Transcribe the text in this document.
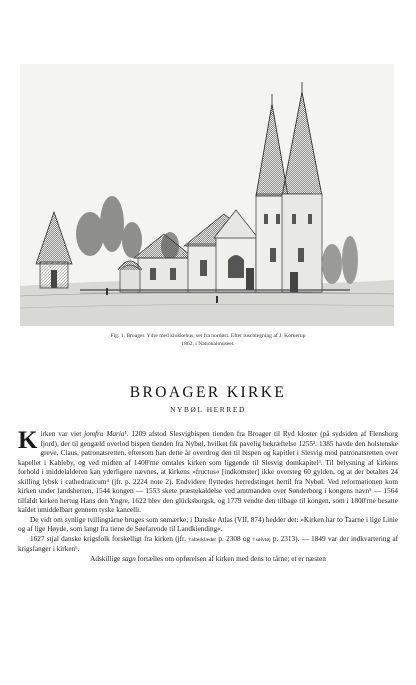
Fig. 1. Broager. Ydre med klokkehus, set fra nordøst. Efter tuschtegning af J. Kornerup
1862, i Nationalmuseet.
BROAGER KIRKE
NYBØL HERRED

Kirken var viet jomfru Maria¹. 1209 afstod Slesvigbispen tienden fra Broager til Ryd kloster (på sydsiden af Flensborg fjord), der til gengæld overlod bispen tienden fra Nybøl, hvilket fik pavelig bekræftelse 1255². 1385 havde den holstenske greve, Claus, patronatsretten, eftersom han dette år overdrog den til bispen og kapitlet i Slesvig mod patronatsretten over kapellet i Kahleby, og ved midten af 1400'rne omtales kirken som liggende til Slesvig domkapitel³. Til belysning af kirkens forhold i middelalderen kan yderligere nævnes, at kirkens »fructus« [indkomster] ikke oversteg 60 gylden, og at der betaltes 24 skilling lybsk i cathedraticum⁴ (jfr. p. 2224 note 2). Endvidere flyttedes herredstinget hertil fra Nybøl. Ved reformationen kom kirken under landsherren, 1544 kongen — 1553 skete præstekaldelse ved amtmanden over Sønderborg i kongens navn⁵ — 1564 tilfaldt kirken hertug Hans den Yngre, 1622 blev den glücksborgsk, og 1779 vendte den tilbage til kongen, som i 1800'rne besatte kaldet umiddelbart gennem tyske kancelli.

De vidt om synlige tvillingtårne bruges som sømærke; i Danske Atlas (VII, 874) hedder det: »Kirken har to Taarne i lige Linie og af lige Høyde, som langt fra tiene de Søefarende til Landkiending«.

1627 stjal danske krigsfolk forskelligt fra kirken (jfr. †alterklæder p. 2308 og †sølvtøj p. 2313). — 1849 var der indkvartering af krigsfanger i kirken⁶.

Adskillige sagn fortælles om opførelsen af kirken med dens to tårne; et er næsten
